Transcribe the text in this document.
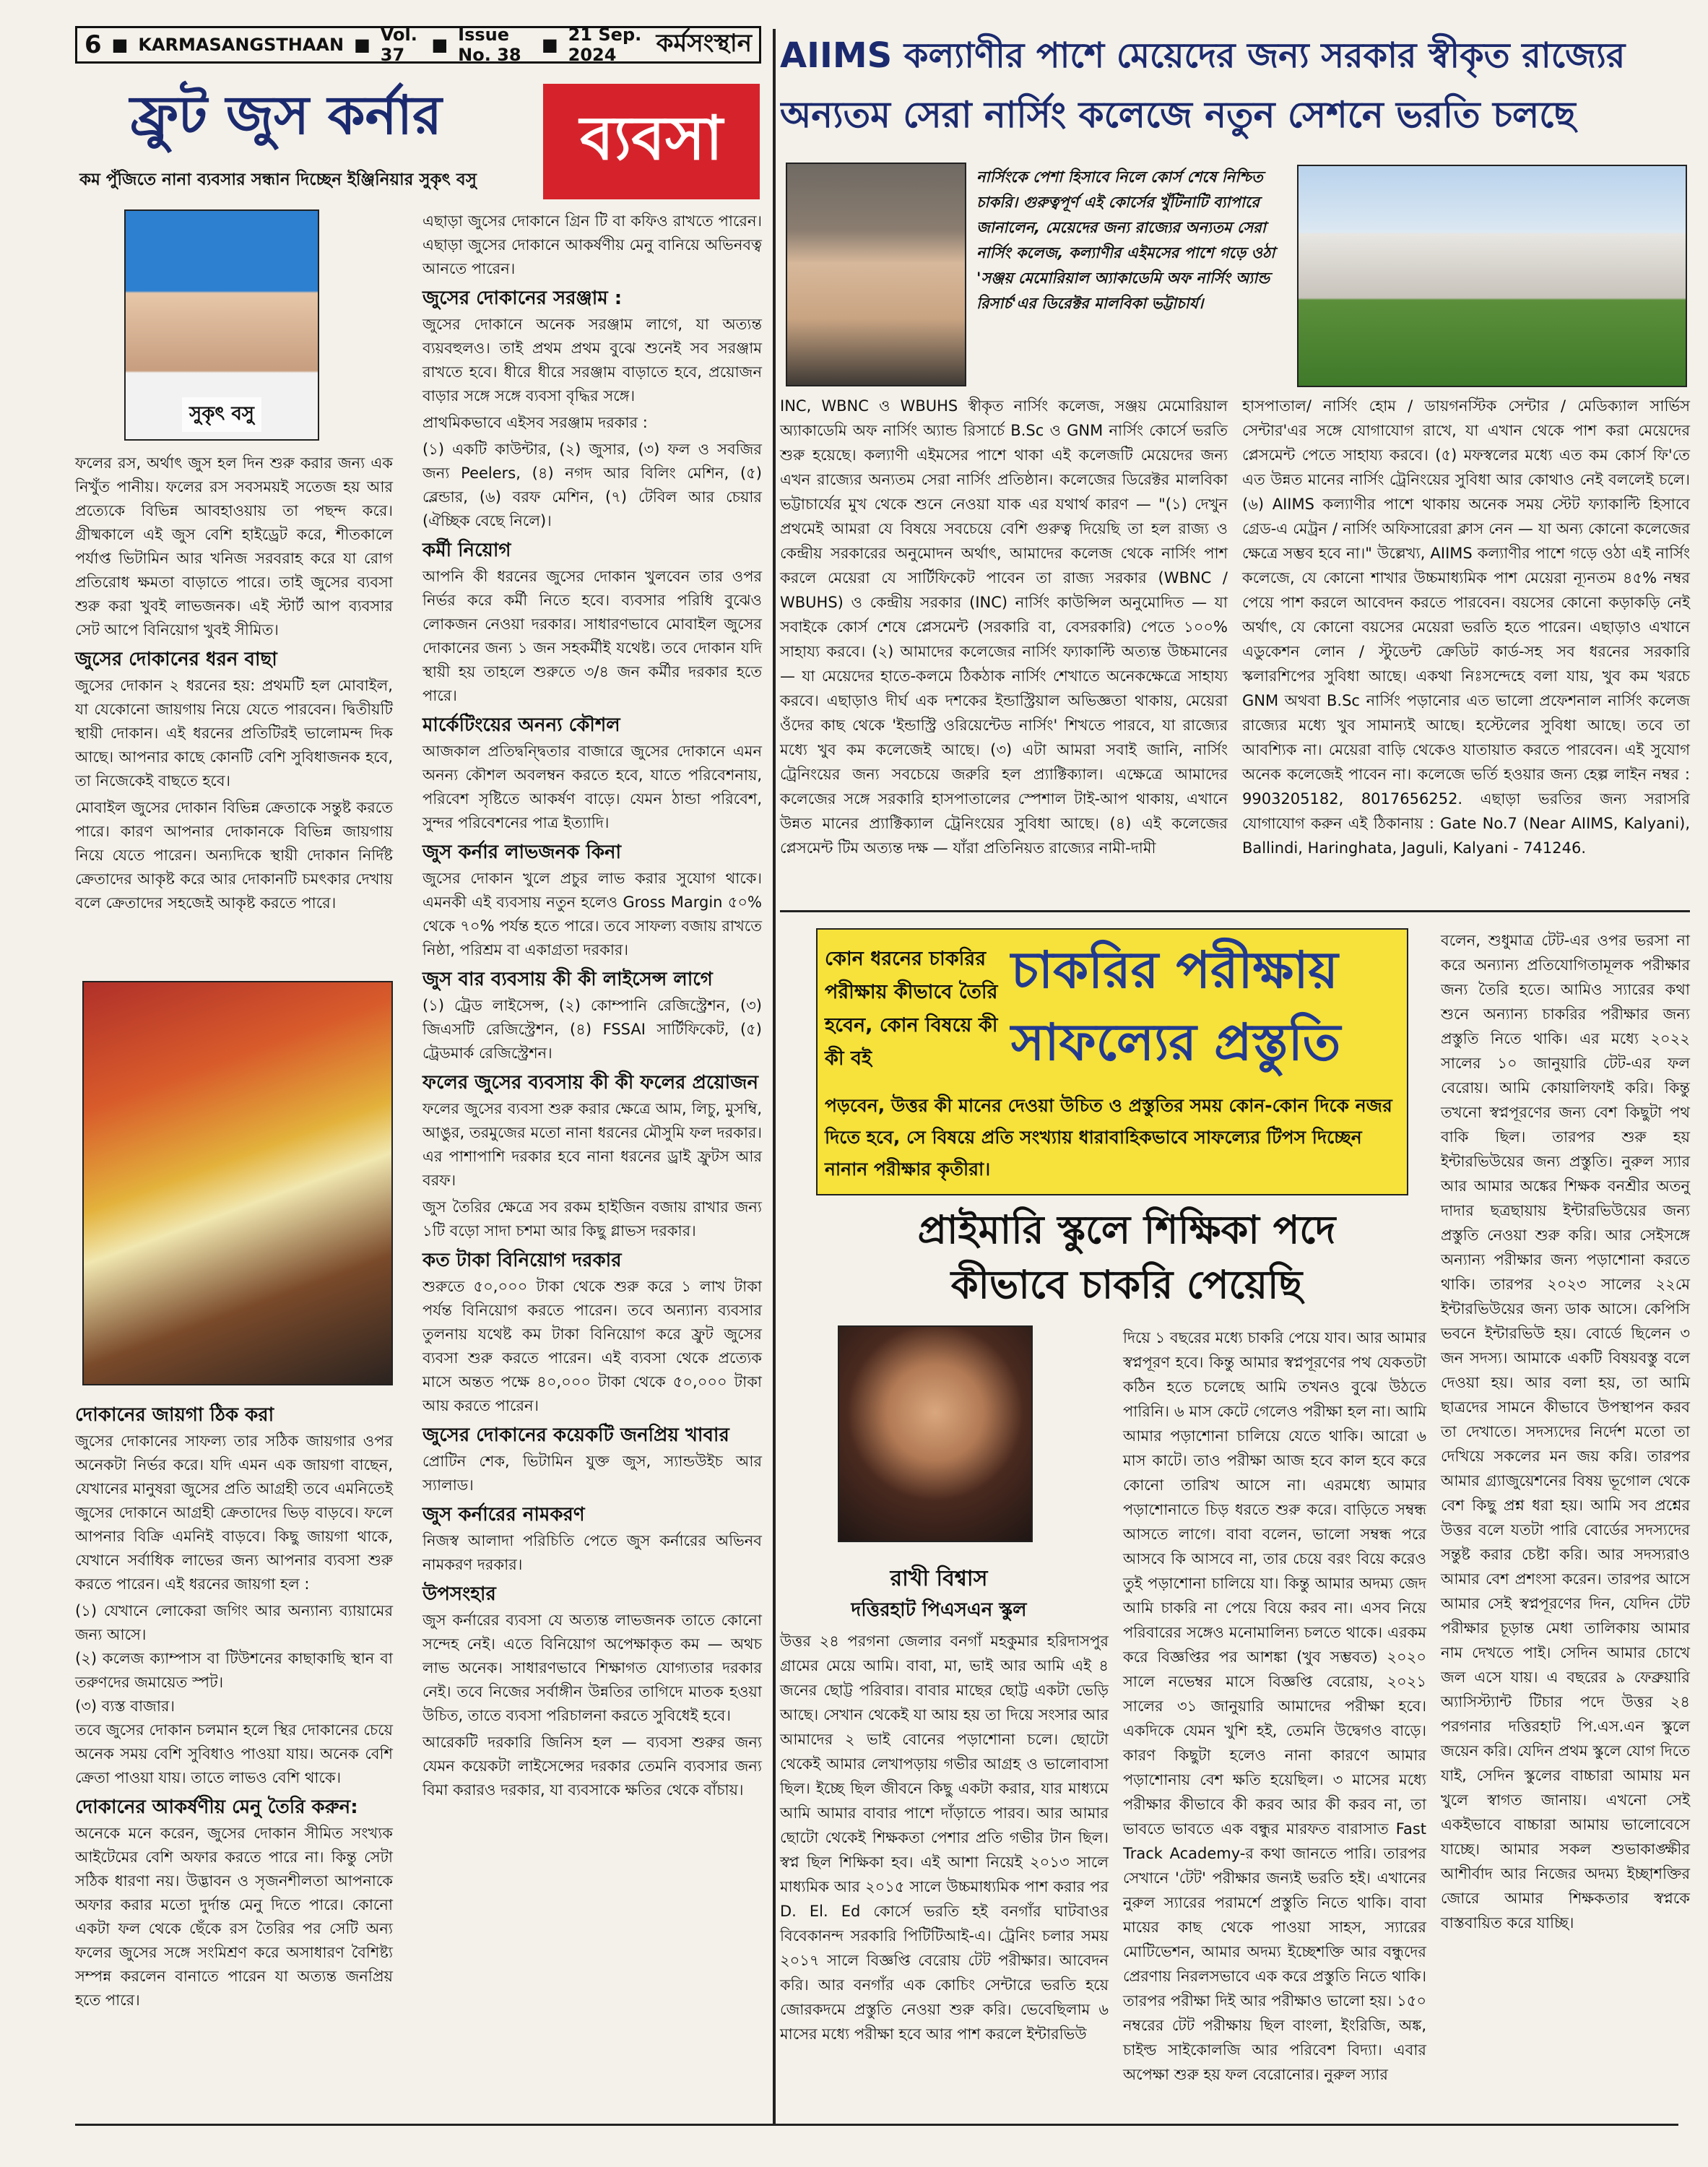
6 ■ KARMASANGSTHAAN ■ Vol. 37	■ Issue No. 38	■ 21 Sep. 2024	কর্মসংস্থান
ফ্রুট জুস কর্নার	ব্যবসা
কম পুঁজিতে নানা ব্যবসার সন্ধান দিচ্ছেন ইঞ্জিনিয়ার সুকৃৎ বসু
সুকৃৎ বসু

ফলের রস, অর্থাৎ জুস হল দিন শুরু করার জন্য এক নিখুঁত পানীয়। ফলের রস সবসময়ই সতেজ হয় আর প্রত্যেকে বিভিন্ন আবহাওয়ায় তা পছন্দ করে। গ্রীষ্মকালে এই জুস বেশি হাইড্রেট করে, শীতকালে পর্যাপ্ত ভিটামিন আর খনিজ সরবরাহ করে যা রোগ প্রতিরোধ ক্ষমতা বাড়াতে পারে। তাই জুসের ব্যবসা শুরু করা খুবই লাভজনক। এই স্টার্ট আপ ব্যবসার সেট আপে বিনিয়োগ খুবই সীমিত।

জুসের দোকানের ধরন বাছা

জুসের দোকান ২ ধরনের হয়: প্রথমটি হল মোবাইল, যা যেকোনো জায়গায় নিয়ে যেতে পারবেন। দ্বিতীয়টি স্থায়ী দোকান। এই ধরনের প্রতিটিরই ভালোমন্দ দিক আছে। আপনার কাছে কোনটি বেশি সুবিধাজনক হবে, তা নিজেকেই বাছতে হবে।

মোবাইল জুসের দোকান বিভিন্ন ক্রেতাকে সন্তুষ্ট করতে পারে। কারণ আপনার দোকানকে বিভিন্ন জায়গায় নিয়ে যেতে পারেন। অন্যদিকে স্থায়ী দোকান নির্দিষ্ট ক্রেতাদের আকৃষ্ট করে আর দোকানটি চমৎকার দেখায় বলে ক্রেতাদের সহজেই আকৃষ্ট করতে পারে।

দোকানের জায়গা ঠিক করা

জুসের দোকানের সাফল্য তার সঠিক জায়গার ওপর অনেকটা নির্ভর করে। যদি এমন এক জায়গা বাছেন, যেখানের মানুষরা জুসের প্রতি আগ্রহী তবে এমনিতেই জুসের দোকানে আগ্রহী ক্রেতাদের ভিড় বাড়বে। ফলে আপনার বিক্রি এমনিই বাড়বে। কিছু জায়গা থাকে, যেখানে সর্বাধিক লাভের জন্য আপনার ব্যবসা শুরু করতে পারেন। এই ধরনের জায়গা হল :

(১) যেখানে লোকেরা জগিং আর অন্যান্য ব্যায়ামের জন্য আসে।
(২) কলেজ ক্যাম্পাস বা টিউশনের কাছাকাছি স্থান বা তরুণদের জমায়েত স্পট।
(৩) ব্যস্ত বাজার।

তবে জুসের দোকান চলমান হলে স্থির দোকানের চেয়ে অনেক সময় বেশি সুবিধাও পাওয়া যায়। অনেক বেশি ক্রেতা পাওয়া যায়। তাতে লাভও বেশি থাকে।

দোকানের আকর্ষণীয় মেনু তৈরি করুন:

অনেকে মনে করেন, জুসের দোকান সীমিত সংখ্যক আইটেমের বেশি অফার করতে পারে না। কিন্তু সেটা সঠিক ধারণা নয়। উদ্ভাবন ও সৃজনশীলতা আপনাকে অফার করার মতো দুর্দান্ত মেনু দিতে পারে। কোনো একটা ফল থেকে ছেঁকে রস তৈরির পর সেটি অন্য ফলের জুসের সঙ্গে সংমিশ্রণ করে অসাধারণ বৈশিষ্ট্য সম্পন্ন করলেন বানাতে পারেন যা অত্যন্ত জনপ্রিয় হতে পারে।

এছাড়া জুসের দোকানে গ্রিন টি বা কফিও রাখতে পারেন। এছাড়া জুসের দোকানে আকর্ষণীয় মেনু বানিয়ে অভিনবত্ব আনতে পারেন।

জুসের দোকানের সরঞ্জাম :

জুসের দোকানে অনেক সরঞ্জাম লাগে, যা অত্যন্ত ব্যয়বহুলও। তাই প্রথম প্রথম বুঝে শুনেই সব সরঞ্জাম রাখতে হবে। ধীরে ধীরে সরঞ্জাম বাড়াতে হবে, প্রয়োজন বাড়ার সঙ্গে সঙ্গে ব্যবসা বৃদ্ধির সঙ্গে।

প্রাথমিকভাবে এইসব সরঞ্জাম দরকার :

(১) একটি কাউন্টার, (২) জুসার, (৩) ফল ও সবজির জন্য Peelers, (৪) নগদ আর বিলিং মেশিন, (৫) ব্লেন্ডার, (৬) বরফ মেশিন, (৭) টেবিল আর চেয়ার (ঐচ্ছিক বেছে নিলে)।

কর্মী নিয়োগ

আপনি কী ধরনের জুসের দোকান খুলবেন তার ওপর নির্ভর করে কর্মী নিতে হবে। ব্যবসার পরিধি বুঝেও লোকজন নেওয়া দরকার। সাধারণভাবে মোবাইল জুসের দোকানের জন্য ১ জন সহকর্মীই যথেষ্ট। তবে দোকান যদি স্থায়ী হয় তাহলে শুরুতে ৩/৪ জন কর্মীর দরকার হতে পারে।

মার্কেটিংয়ের অনন্য কৌশল

আজকাল প্রতিদ্বন্দ্বিতার বাজারে জুসের দোকানে এমন অনন্য কৌশল অবলম্বন করতে হবে, যাতে পরিবেশনায়, পরিবেশ সৃষ্টিতে আকর্ষণ বাড়ে। যেমন ঠান্ডা পরিবেশ, সুন্দর পরিবেশনের পাত্র ইত্যাদি।

জুস কর্নার লাভজনক কিনা

জুসের দোকান খুলে প্রচুর লাভ করার সুযোগ থাকে। এমনকী এই ব্যবসায় নতুন হলেও Gross Margin ৫০% থেকে ৭০% পর্যন্ত হতে পারে। তবে সাফল্য বজায় রাখতে নিষ্ঠা, পরিশ্রম বা একাগ্রতা দরকার।

জুস বার ব্যবসায় কী কী লাইসেন্স লাগে

(১) ট্রেড লাইসেন্স, (২) কোম্পানি রেজিস্ট্রেশন, (৩) জিএসটি রেজিস্ট্রেশন, (৪) FSSAI সার্টিফিকেট, (৫) ট্রেডমার্ক রেজিস্ট্রেশন।

ফলের জুসের ব্যবসায় কী কী ফলের প্রয়োজন

ফলের জুসের ব্যবসা শুরু করার ক্ষেত্রে আম, লিচু, মুসম্বি, আঙুর, তরমুজের মতো নানা ধরনের মৌসুমি ফল দরকার। এর পাশাপাশি দরকার হবে নানা ধরনের ড্রাই ফ্রুটস আর বরফ।

জুস তৈরির ক্ষেত্রে সব রকম হাইজিন বজায় রাখার জন্য ১টি বড়ো সাদা চশমা আর কিছু গ্লাভস দরকার।

কত টাকা বিনিয়োগ দরকার

শুরুতে ৫০,০০০ টাকা থেকে শুরু করে ১ লাখ টাকা পর্যন্ত বিনিয়োগ করতে পারেন। তবে অন্যান্য ব্যবসার তুলনায় যথেষ্ট কম টাকা বিনিয়োগ করে ফ্রুট জুসের ব্যবসা শুরু করতে পারেন। এই ব্যবসা থেকে প্রত্যেক মাসে অন্তত পক্ষে ৪০,০০০ টাকা থেকে ৫০,০০০ টাকা আয় করতে পারেন।

জুসের দোকানের কয়েকটি জনপ্রিয় খাবার

প্রোটিন শেক, ভিটামিন যুক্ত জুস, স্যান্ডউইচ আর স্যালাড।

জুস কর্নারের নামকরণ

নিজস্ব আলাদা পরিচিতি পেতে জুস কর্নারের অভিনব নামকরণ দরকার।

উপসংহার

জুস কর্নারের ব্যবসা যে অত্যন্ত লাভজনক তাতে কোনো সন্দেহ নেই। এতে বিনিয়োগ অপেক্ষাকৃত কম — অথচ লাভ অনেক। সাধারণভাবে শিক্ষাগত যোগ্যতার দরকার নেই। তবে নিজের সর্বাঙ্গীন উন্নতির তাগিদে মাতক হওয়া উচিত, তাতে ব্যবসা পরিচালনা করতে সুবিধেই হবে।

আরেকটি দরকারি জিনিস হল — ব্যবসা শুরুর জন্য যেমন কয়েকটা লাইসেন্সের দরকার তেমনি ব্যবসার জন্য বিমা করারও দরকার, যা ব্যবসাকে ক্ষতির থেকে বাঁচায়।

AIIMS কল্যাণীর পাশে মেয়েদের জন্য সরকার স্বীকৃত রাজ্যের
অন্যতম সেরা নার্সিং কলেজে নতুন সেশনে ভরতি চলছে
নার্সিংকে পেশা হিসাবে নিলে কোর্স শেষে নিশ্চিত চাকরি। গুরুত্বপূর্ণ এই কোর্সের খুঁটিনাটি ব্যাপারে জানালেন, মেয়েদের জন্য রাজ্যের অন্যতম সেরা নার্সিং কলেজ, কল্যাণীর এইমসের পাশে গড়ে ওঠা 'সঞ্জয় মেমোরিয়াল অ্যাকাডেমি অফ নার্সিং অ্যান্ড রিসার্চ'এর ডিরেক্টর মালবিকা ভট্টাচার্য।
INC, WBNC ও WBUHS স্বীকৃত নার্সিং কলেজ, সঞ্জয় মেমোরিয়াল অ্যাকাডেমি অফ নার্সিং অ্যান্ড রিসার্চে B.Sc ও GNM নার্সিং কোর্সে ভরতি শুরু হয়েছে। কল্যাণী এইমসের পাশে থাকা এই কলেজটি মেয়েদের জন্য এখন রাজ্যের অন্যতম সেরা নার্সিং প্রতিষ্ঠান। কলেজের ডিরেক্টর মালবিকা ভট্টাচার্যের মুখ থেকে শুনে নেওয়া যাক এর যথার্থ কারণ — "(১) দেখুন প্রথমেই আমরা যে বিষয়ে সবচেয়ে বেশি গুরুত্ব দিয়েছি তা হল রাজ্য ও কেন্দ্রীয় সরকারের অনুমোদন অর্থাৎ, আমাদের কলেজ থেকে নার্সিং পাশ করলে মেয়েরা যে সার্টিফিকেট পাবেন তা রাজ্য সরকার (WBNC / WBUHS) ও কেন্দ্রীয় সরকার (INC) নার্সিং কাউন্সিল অনুমোদিত — যা সবাইকে কোর্স শেষে প্লেসমেন্ট (সরকারি বা, বেসরকারি) পেতে ১০০% সাহায্য করবে। (২) আমাদের কলেজের নার্সিং ফ্যাকাল্টি অত্যন্ত উচ্চমানের — যা মেয়েদের হাতে-কলমে ঠিকঠাক নার্সিং শেখাতে অনেকক্ষেত্রে সাহায্য করবে। এছাড়াও দীর্ঘ এক দশকের ইন্ডাস্ট্রিয়াল অভিজ্ঞতা থাকায়, মেয়েরা ওঁদের কাছ থেকে 'ইন্ডাস্ট্রি ওরিয়েন্টেড নার্সিং' শিখতে পারবে, যা রাজ্যের মধ্যে খুব কম কলেজেই আছে। (৩) এটা আমরা সবাই জানি, নার্সিং ট্রেনিংয়ের জন্য সবচেয়ে জরুরি হল প্র্যাক্টিক্যাল। এক্ষেত্রে আমাদের কলেজের সঙ্গে সরকারি হাসপাতালের স্পেশাল টাই-আপ থাকায়, এখানে উন্নত মানের প্র্যাক্টিক্যাল ট্রেনিংয়ের সুবিধা আছে। (৪) এই কলেজের প্লেসমেন্ট টিম অত্যন্ত দক্ষ — যাঁরা প্রতিনিয়ত রাজ্যের নামী-দামী
হাসপাতাল/ নার্সিং হোম / ডায়গনস্টিক সেন্টার / মেডিক্যাল সার্ভিস সেন্টার'এর সঙ্গে যোগাযোগ রাখে, যা এখান থেকে পাশ করা মেয়েদের প্লেসমেন্ট পেতে সাহায্য করবে। (৫) মফস্বলের মধ্যে এত কম কোর্স ফি'তে এত উন্নত মানের নার্সিং ট্রেনিংয়ের সুবিধা আর কোথাও নেই বললেই চলে। (৬) AIIMS কল্যাণীর পাশে থাকায় অনেক সময় স্টেট ফ্যাকাল্টি হিসাবে গ্রেড-এ মেট্রন / নার্সিং অফিসারেরা ক্লাস নেন — যা অন্য কোনো কলেজের ক্ষেত্রে সম্ভব হবে না।" উল্লেখ্য, AIIMS কল্যাণীর পাশে গড়ে ওঠা এই নার্সিং কলেজে, যে কোনো শাখার উচ্চমাধ্যমিক পাশ মেয়েরা ন্যূনতম ৪৫% নম্বর পেয়ে পাশ করলে আবেদন করতে পারবেন। বয়সের কোনো কড়াকড়ি নেই অর্থাৎ, যে কোনো বয়সের মেয়েরা ভরতি হতে পারেন। এছাড়াও এখানে এডুকেশন লোন / স্টুডেন্ট ক্রেডিট কার্ড-সহ সব ধরনের সরকারি স্কলারশিপের সুবিধা আছে। একথা নিঃসন্দেহে বলা যায়, খুব কম খরচে GNM অথবা B.Sc নার্সিং পড়ানোর এত ভালো প্রফেশনাল নার্সিং কলেজ রাজ্যের মধ্যে খুব সামান্যই আছে। হস্টেলের সুবিধা আছে। তবে তা আবশ্যিক না। মেয়েরা বাড়ি থেকেও যাতায়াত করতে পারবেন। এই সুযোগ অনেক কলেজেই পাবেন না। কলেজে ভর্তি হওয়ার জন্য হেল্প লাইন নম্বর : 9903205182, 8017656252. এছাড়া ভরতির জন্য সরাসরি যোগাযোগ করুন এই ঠিকানায় : Gate No.7 (Near AIIMS, Kalyani), Ballindi, Haringhata, Jaguli, Kalyani - 741246.
কোন ধরনের চাকরির পরীক্ষায় কীভাবে তৈরি হবেন, কোন বিষয়ে কী কী বই
চাকরির পরীক্ষায়
সাফল্যের প্রস্তুতি
পড়বেন, উত্তর কী মানের দেওয়া উচিত ও প্রস্তুতির সময় কোন-কোন দিকে নজর দিতে হবে, সে বিষয়ে প্রতি সংখ্যায় ধারাবাহিকভাবে সাফল্যের টিপস দিচ্ছেন নানান পরীক্ষার কৃতীরা।
প্রাইমারি স্কুলে শিক্ষিকা পদে
কীভাবে চাকরি পেয়েছি
রাখী বিশ্বাস
দত্তিরহাট পিএসএন স্কুল
উত্তর ২৪ পরগনা জেলার বনগাঁ মহকুমার হরিদাসপুর গ্রামের মেয়ে আমি। বাবা, মা, ভাই আর আমি এই ৪ জনের ছোট্ট পরিবার। বাবার মাছের ছোট্ট একটা ভেড়ি আছে। সেখান থেকেই যা আয় হয় তা দিয়ে সংসার আর আমাদের ২ ভাই বোনের পড়াশোনা চলে। ছোটো থেকেই আমার লেখাপড়ায় গভীর আগ্রহ ও ভালোবাসা ছিল। ইচ্ছে ছিল জীবনে কিছু একটা করার, যার মাধ্যমে আমি আমার বাবার পাশে দাঁড়াতে পারব। আর আমার ছোটো থেকেই শিক্ষকতা পেশার প্রতি গভীর টান ছিল। স্বপ্ন ছিল শিক্ষিকা হব। এই আশা নিয়েই ২০১৩ সালে মাধ্যমিক আর ২০১৫ সালে উচ্চমাধ্যমিক পাশ করার পর D. El. Ed কোর্সে ভরতি হই বনগাঁর ঘাটবাওর বিবেকানন্দ সরকারি পিটিটিআই-এ। ট্রেনিং চলার সময় ২০১৭ সালে বিজ্ঞপ্তি বেরোয় টেট পরীক্ষার। আবেদন করি। আর বনগাঁর এক কোচিং সেন্টারে ভরতি হয়ে জোরকদমে প্রস্তুতি নেওয়া শুরু করি। ভেবেছিলাম ৬ মাসের মধ্যে পরীক্ষা হবে আর পাশ করলে ইন্টারভিউ
দিয়ে ১ বছরের মধ্যে চাকরি পেয়ে যাব। আর আমার স্বপ্নপূরণ হবে। কিন্তু আমার স্বপ্নপূরণের পথ যেকতটা কঠিন হতে চলেছে আমি তখনও বুঝে উঠতে পারিনি। ৬ মাস কেটে গেলেও পরীক্ষা হল না। আমি আমার পড়াশোনা চালিয়ে যেতে থাকি। আরো ৬ মাস কাটে। তাও পরীক্ষা আজ হবে কাল হবে করে কোনো তারিখ আসে না। এরমধ্যে আমার পড়াশোনাতে চিড় ধরতে শুরু করে। বাড়িতে সম্বন্ধ আসতে লাগে। বাবা বলেন, ভালো সম্বন্ধ পরে আসবে কি আসবে না, তার চেয়ে বরং বিয়ে করেও তুই পড়াশোনা চালিয়ে যা। কিন্তু আমার অদম্য জেদ আমি চাকরি না পেয়ে বিয়ে করব না। এসব নিয়ে পরিবারের সঙ্গেও মনোমালিন্য চলতে থাকে। এরকম করে বিজ্ঞপ্তির পর আশঙ্কা (খুব সম্ভবত) ২০২০ সালে নভেম্বর মাসে বিজ্ঞপ্তি বেরোয়, ২০২১ সালের ৩১ জানুয়ারি আমাদের পরীক্ষা হবে। একদিকে যেমন খুশি হই, তেমনি উদ্বেগও বাড়ে। কারণ কিছুটা হলেও নানা কারণে আমার পড়াশোনায় বেশ ক্ষতি হয়েছিল। ৩ মাসের মধ্যে পরীক্ষার কীভাবে কী করব আর কী করব না, তা ভাবতে ভাবতে এক বন্ধুর মারফত বারাসাত Fast Track Academy-র কথা জানতে পারি। তারপর সেখানে 'টেট' পরীক্ষার জন্যই ভরতি হই। এখানের নুরুল স্যারের পরামর্শে প্রস্তুতি নিতে থাকি। বাবা মায়ের কাছ থেকে পাওয়া সাহস, স্যারের মোটিভেশন, আমার অদম্য ইচ্ছেশক্তি আর বন্ধুদের প্রেরণায় নিরলসভাবে এক করে প্রস্তুতি নিতে থাকি। তারপর পরীক্ষা দিই আর পরীক্ষাও ভালো হয়। ১৫০ নম্বরের টেট পরীক্ষায় ছিল বাংলা, ইংরিজি, অঙ্ক, চাইল্ড সাইকোলজি আর পরিবেশ বিদ্যা। এবার অপেক্ষা শুরু হয় ফল বেরোনোর। নুরুল স্যার
বলেন, শুধুমাত্র টেট-এর ওপর ভরসা না করে অন্যান্য প্রতিযোগিতামূলক পরীক্ষার জন্য তৈরি হতে। আমিও স্যারের কথা শুনে অন্যান্য চাকরির পরীক্ষার জন্য প্রস্তুতি নিতে থাকি। এর মধ্যে ২০২২ সালের ১০ জানুয়ারি টেট-এর ফল বেরোয়। আমি কোয়ালিফাই করি। কিন্তু তখনো স্বপ্নপূরণের জন্য বেশ কিছুটা পথ বাকি ছিল। তারপর শুরু হয় ইন্টারভিউয়ের জন্য প্রস্তুতি। নুরুল স্যার আর আমার অঙ্কের শিক্ষক বনশ্রীর অতনু দাদার ছত্রছায়ায় ইন্টারভিউয়ের জন্য প্রস্তুতি নেওয়া শুরু করি। আর সেইসঙ্গে অন্যান্য পরীক্ষার জন্য পড়াশোনা করতে থাকি। তারপর ২০২৩ সালের ২২মে ইন্টারভিউয়ের জন্য ডাক আসে। কেপিসি ভবনে ইন্টারভিউ হয়। বোর্ডে ছিলেন ৩ জন সদস্য। আমাকে একটি বিষয়বস্তু বলে দেওয়া হয়। আর বলা হয়, তা আমি ছাত্রদের সামনে কীভাবে উপস্থাপন করব তা দেখাতে। সদস্যদের নির্দেশ মতো তা দেখিয়ে সকলের মন জয় করি। তারপর আমার গ্র্যাজুয়েশনের বিষয় ভূগোল থেকে বেশ কিছু প্রশ্ন ধরা হয়। আমি সব প্রশ্নের উত্তর বলে যতটা পারি বোর্ডের সদস্যদের সন্তুষ্ট করার চেষ্টা করি। আর সদস্যরাও আমার বেশ প্রশংসা করেন। তারপর আসে আমার সেই স্বপ্নপূরণের দিন, যেদিন টেট পরীক্ষার চূড়ান্ত মেধা তালিকায় আমার নাম দেখতে পাই। সেদিন আমার চোখে জল এসে যায়। এ বছরের ৯ ফেব্রুয়ারি অ্যাসিস্ট্যান্ট টিচার পদে উত্তর ২৪ পরগনার দত্তিরহাট পি.এস.এন স্কুলে জয়েন করি। যেদিন প্রথম স্কুলে যোগ দিতে যাই, সেদিন স্কুলের বাচ্চারা আমায় মন খুলে স্বাগত জানায়। এখনো সেই একইভাবে বাচ্চারা আমায় ভালোবেসে যাচ্ছে। আমার সকল শুভাকাঙ্ক্ষীর আশীর্বাদ আর নিজের অদম্য ইচ্ছাশক্তির জোরে আমার শিক্ষকতার স্বপ্নকে বাস্তবায়িত করে যাচ্ছি।
